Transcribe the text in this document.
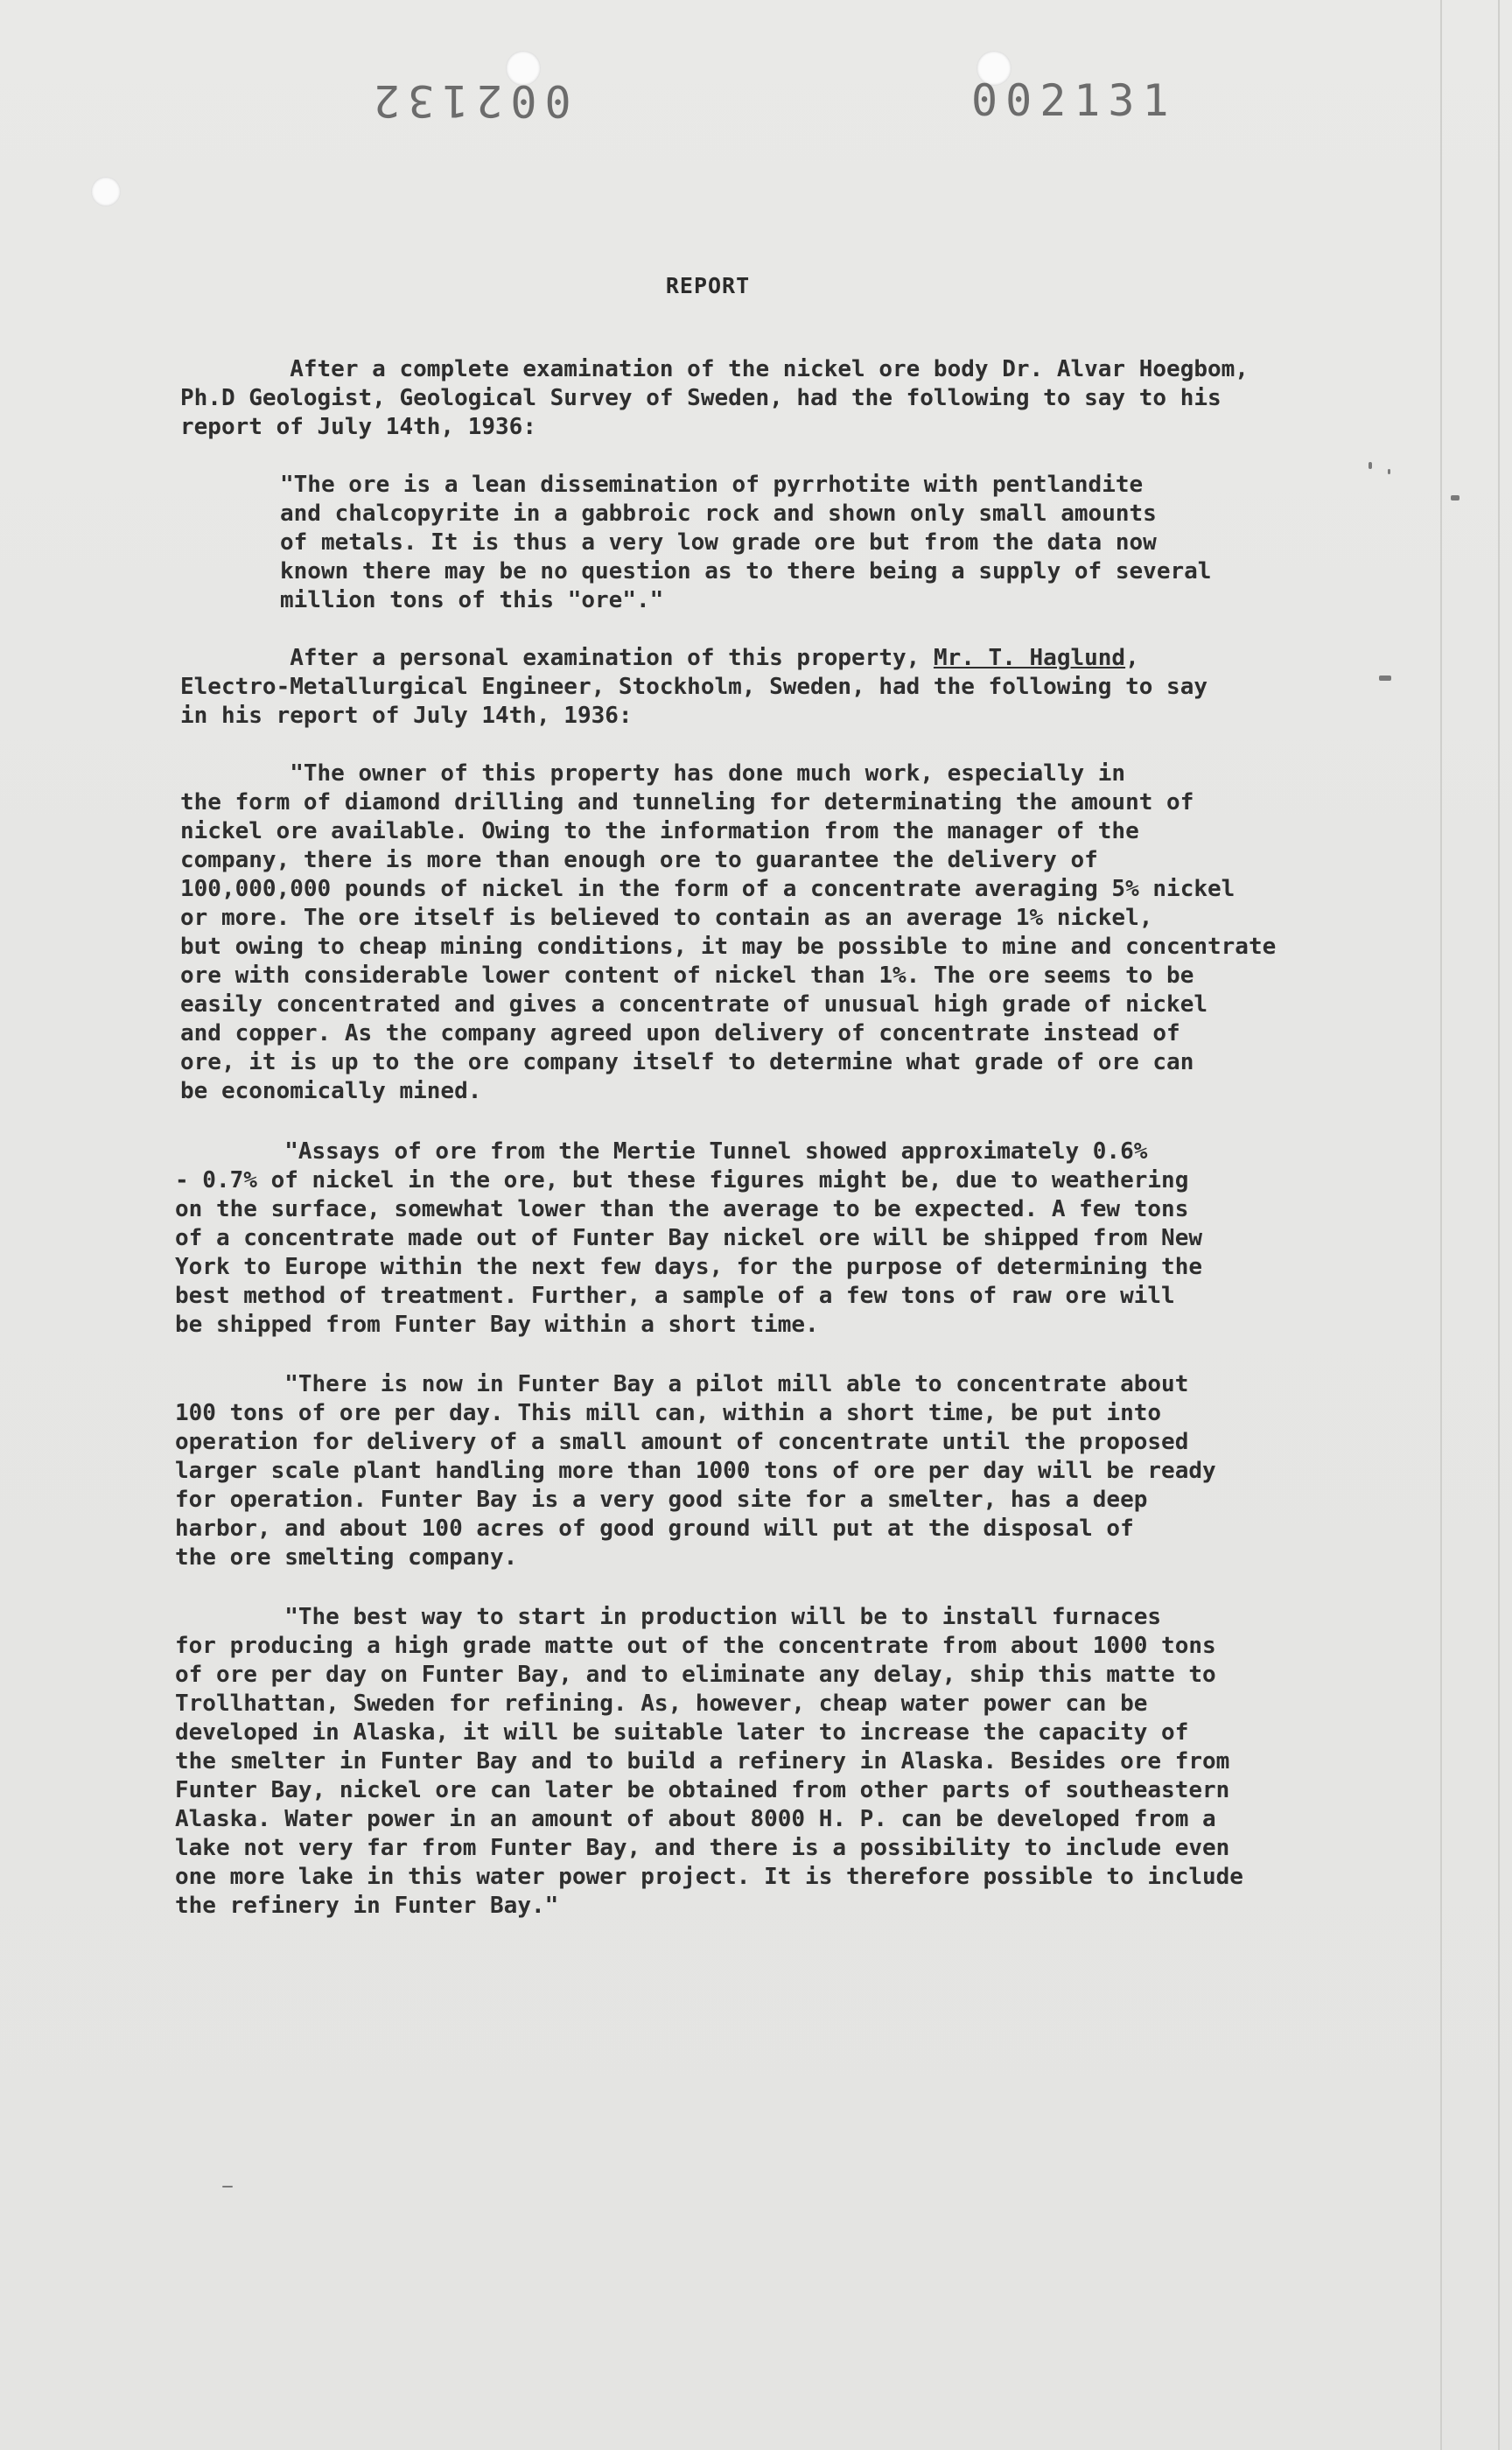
002132	002131
REPORT
After a complete examination of the nickel ore body Dr. Alvar Hoegbom,
Ph.D Geologist, Geological Survey of Sweden, had the following to say to his
report of July 14th, 1936:
"The ore is a lean dissemination of pyrrhotite with pentlandite
and chalcopyrite in a gabbroic rock and shown only small amounts
of metals. It is thus a very low grade ore but from the data now
known there may be no question as to there being a supply of several
million tons of this "ore"."
After a personal examination of this property, Mr. T. Haglund,
Electro-Metallurgical Engineer, Stockholm, Sweden, had the following to say
in his report of July 14th, 1936:
"The owner of this property has done much work, especially in
the form of diamond drilling and tunneling for determinating the amount of
nickel ore available. Owing to the information from the manager of the
company, there is more than enough ore to guarantee the delivery of
100,000,000 pounds of nickel in the form of a concentrate averaging 5% nickel
or more. The ore itself is believed to contain as an average 1% nickel,
but owing to cheap mining conditions, it may be possible to mine and concentrate
ore with considerable lower content of nickel than 1%. The ore seems to be
easily concentrated and gives a concentrate of unusual high grade of nickel
and copper. As the company agreed upon delivery of concentrate instead of
ore, it is up to the ore company itself to determine what grade of ore can
be economically mined.
"Assays of ore from the Mertie Tunnel showed approximately 0.6%
- 0.7% of nickel in the ore, but these figures might be, due to weathering
on the surface, somewhat lower than the average to be expected. A few tons
of a concentrate made out of Funter Bay nickel ore will be shipped from New
York to Europe within the next few days, for the purpose of determining the
best method of treatment. Further, a sample of a few tons of raw ore will
be shipped from Funter Bay within a short time.
"There is now in Funter Bay a pilot mill able to concentrate about
100 tons of ore per day. This mill can, within a short time, be put into
operation for delivery of a small amount of concentrate until the proposed
larger scale plant handling more than 1000 tons of ore per day will be ready
for operation. Funter Bay is a very good site for a smelter, has a deep
harbor, and about 100 acres of good ground will put at the disposal of
the ore smelting company.
"The best way to start in production will be to install furnaces
for producing a high grade matte out of the concentrate from about 1000 tons
of ore per day on Funter Bay, and to eliminate any delay, ship this matte to
Trollhattan, Sweden for refining. As, however, cheap water power can be
developed in Alaska, it will be suitable later to increase the capacity of
the smelter in Funter Bay and to build a refinery in Alaska. Besides ore from
Funter Bay, nickel ore can later be obtained from other parts of southeastern
Alaska. Water power in an amount of about 8000 H. P. can be developed from a
lake not very far from Funter Bay, and there is a possibility to include even
one more lake in this water power project. It is therefore possible to include
the refinery in Funter Bay."
